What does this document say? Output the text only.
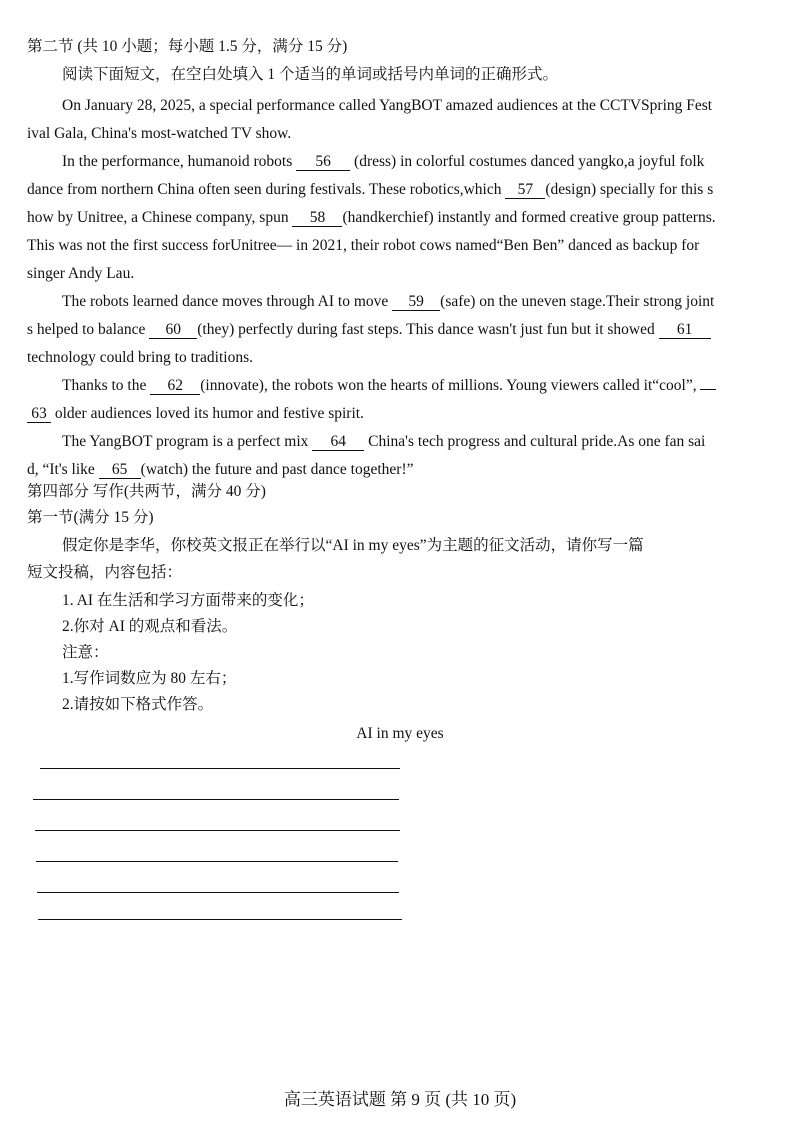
第二节 (共 10 小题；每小题 1.5 分，满分 15 分)
阅读下面短文，在空白处填入 1 个适当的单词或括号内单词的正确形式。
On January 28, 2025, a special performance called YangBOT amazed audiences at the CCTVSpring Fest
ival Gala, China's most-watched TV show.
In the performance, humanoid robots 56 (dress) in colorful costumes danced yangko,a joyful folk
dance from northern China often seen during festivals. These robotics,which 57 (design) specially for this s
how by Unitree, a Chinese company, spun 58 (handkerchief) instantly and formed creative group patterns.
This was not the first success forUnitree— in 2021, their robot cows named“Ben Ben” danced as backup for
singer Andy Lau.
The robots learned dance moves through AI to move 59 (safe) on the uneven stage.Their strong joint
s helped to balance 60 (they) perfectly during fast steps. This dance wasn't just fun but it showed 61
technology could bring to traditions.
Thanks to the 62 (innovate), the robots won the hearts of millions. Young viewers called it“cool”,
63 older audiences loved its humor and festive spirit.
The YangBOT program is a perfect mix 64 China's tech progress and cultural pride.As one fan sai
d, “It's like 65 (watch) the future and past dance together!”
第四部分 写作(共两节，满分 40 分)
第一节(满分 15 分)
假定你是李华，你校英文报正在举行以“AI in my eyes”为主题的征文活动，请你写一篇
短文投稿，内容包括：
1. AI 在生活和学习方面带来的变化；
2.你对 AI 的观点和看法。
注意：
1.写作词数应为 80 左右；
2.请按如下格式作答。
AI in my eyes
高三英语试题 第 9 页 (共 10 页)
